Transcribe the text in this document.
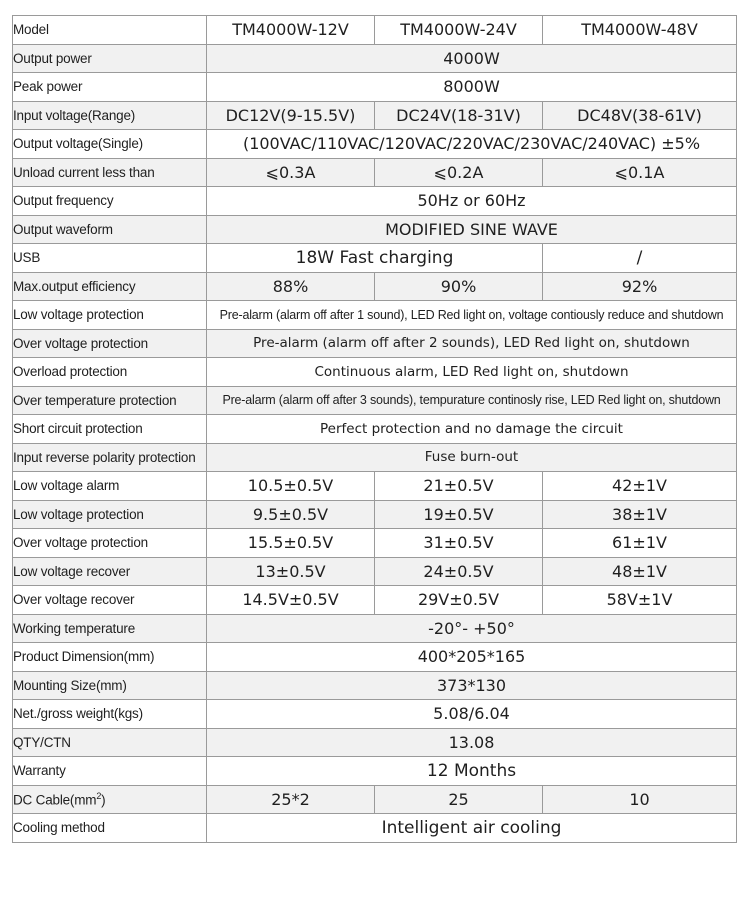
Model	TM4000W-12V	TM4000W-24V	TM4000W-48V
Output power	4000W		
Peak power	8000W		
Input voltage(Range)	DC12V(9-15.5V)	DC24V(18-31V)	DC48V(38-61V)
Output voltage(Single)	(100VAC/110VAC/120VAC/220VAC/230VAC/240VAC) ±5%		
Unload current less than	⩽0.3A	⩽0.2A	⩽0.1A
Output frequency	50Hz or 60Hz		
Output waveform	MODIFIED SINE WAVE		
USB	18W Fast charging		/
Max.output efficiency	88%	90%	92%
Low voltage protection	Pre-alarm (alarm off after 1 sound), LED Red light on, voltage contiously reduce and shutdown		
Over voltage protection	Pre-alarm (alarm off after 2 sounds), LED Red light on, shutdown		
Overload protection	Continuous alarm, LED Red light on, shutdown		
Over temperature protection	Pre-alarm (alarm off after 3 sounds), tempurature continosly rise, LED Red light on, shutdown		
Short circuit protection	Perfect protection and no damage the circuit		
Input reverse polarity protection	Fuse burn-out		
Low voltage alarm	10.5±0.5V	21±0.5V	42±1V
Low voltage protection	9.5±0.5V	19±0.5V	38±1V
Over voltage protection	15.5±0.5V	31±0.5V	61±1V
Low voltage recover	13±0.5V	24±0.5V	48±1V
Over voltage recover	14.5V±0.5V	29V±0.5V	58V±1V
Working temperature	-20°- +50°		
Product Dimension(mm)	400*205*165		
Mounting Size(mm)	373*130		
Net./gross weight(kgs)	5.08/6.04		
QTY/CTN	13.08		
Warranty	12 Months		
DC $Cable(mm^2)$	25*2	25	10
Cooling method	Intelligent air cooling		
